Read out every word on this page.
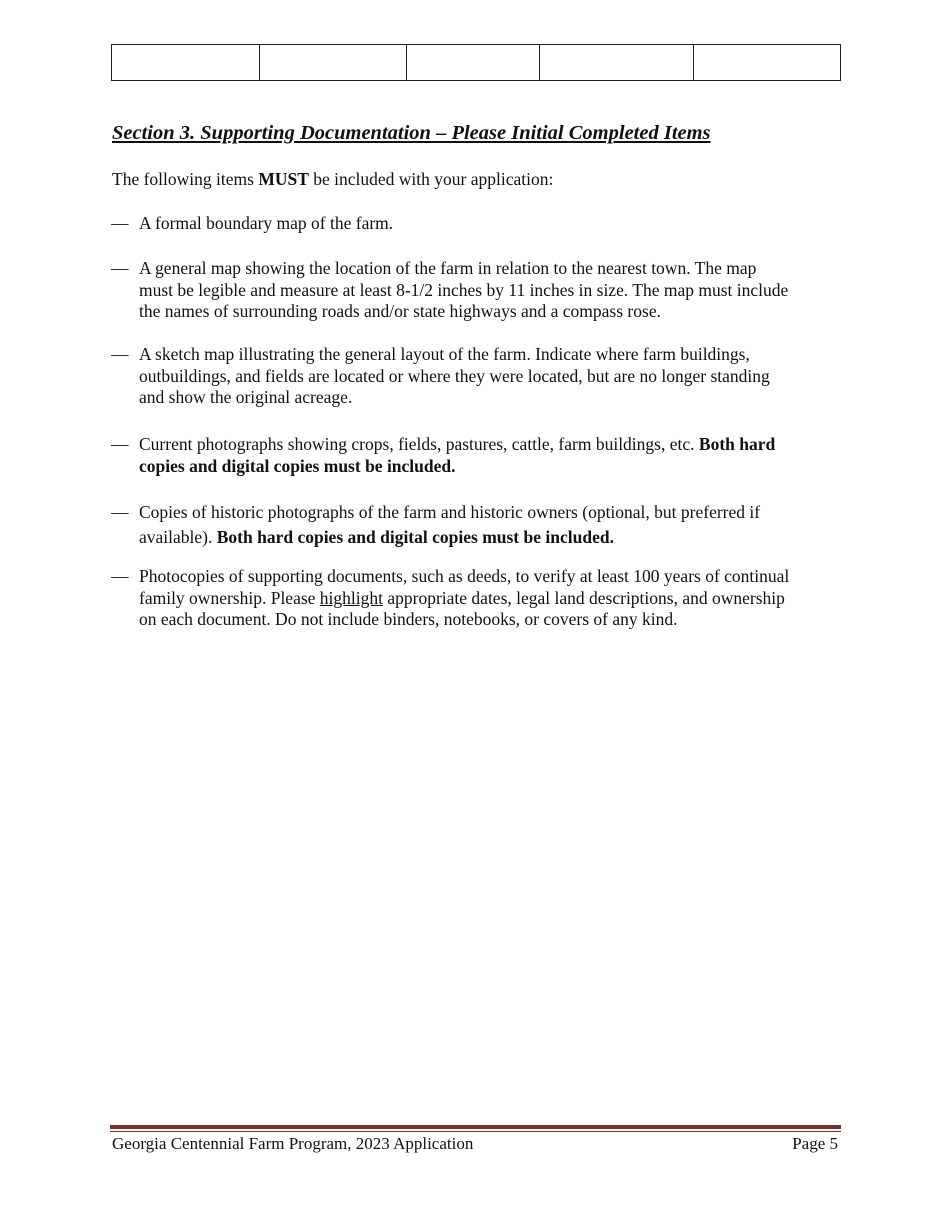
Section 3. Supporting Documentation – Please Initial Completed Items

The following items MUST be included with your application:

— A formal boundary map of the farm.
— A general map showing the location of the farm in relation to the nearest town. The map
must be legible and measure at least 8-1/2 inches by 11 inches in size. The map must include
the names of surrounding roads and/or state highways and a compass rose.
— A sketch map illustrating the general layout of the farm. Indicate where farm buildings,
outbuildings, and fields are located or where they were located, but are no longer standing
and show the original acreage.
— Current photographs showing crops, fields, pastures, cattle, farm buildings, etc. Both hard
copies and digital copies must be included.
— Copies of historic photographs of the farm and historic owners (optional, but preferred if
available). Both hard copies and digital copies must be included.
— Photocopies of supporting documents, such as deeds, to verify at least 100 years of continual
family ownership. Please highlight appropriate dates, legal land descriptions, and ownership
on each document. Do not include binders, notebooks, or covers of any kind.
Georgia Centennial Farm Program, 2023 Application	Page 5
